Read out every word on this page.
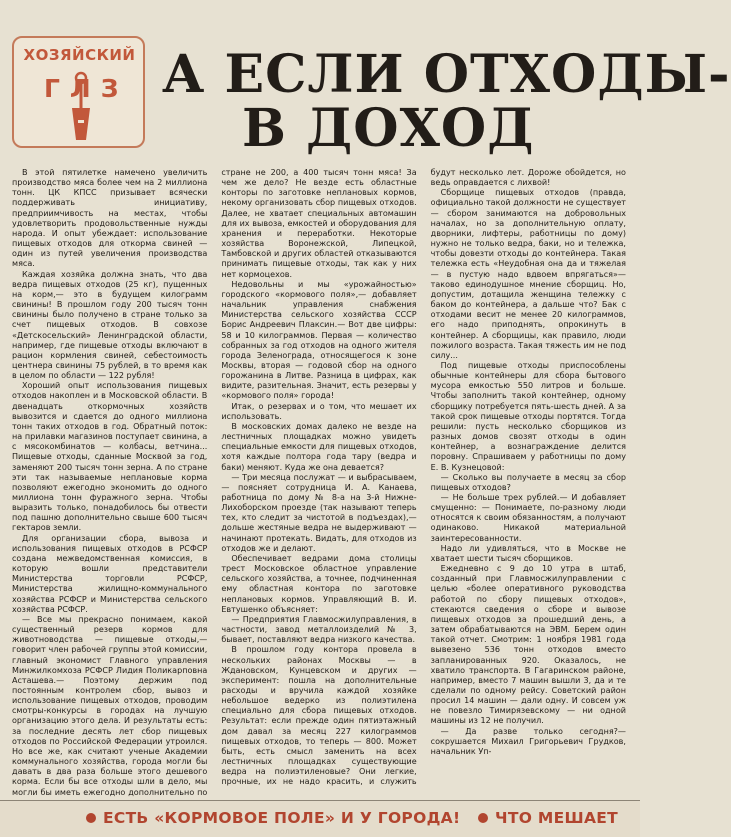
ХОЗЯЙСКИЙ
ГЛЗ А ЕСЛИ ОТХОДЫ-
В ДОХОД

В этой пятилетке намечено увеличить производство мяса более чем на 2 миллиона тонн. ЦК КПСС призывает всячески поддерживать инициативу, предприимчивость на местах, чтобы удовлетворить продовольственные нужды народа. И опыт убеждает: использование пищевых отходов для откорма свиней — один из путей увеличения производства мяса.

Каждая хозяйка должна знать, что два ведра пищевых отходов (25 кг), пущенных на корм,— это в будущем килограмм свинины! В прошлом году 200 тысяч тонн свинины было получено в стране только за счет пищевых отходов. В совхозе «Детскосельский» Ленинградской области, например, где пищевые отходы включают в рацион кормления свиней, себестоимость центнера свинины 75 рублей, в то время как в целом по области — 122 рубля!

Хороший опыт использования пищевых отходов накоплен и в Московской области. В двенадцать откормочных хозяйств вывозится и сдается до одного миллиона тонн таких отходов в год. Обратный поток: на прилавки магазинов поступает свинина, а с мясокомбинатов — колбасы, ветчина... Пищевые отходы, сданные Москвой за год, заменяют 200 тысяч тонн зерна. А по стране эти так называемые неплановые корма позволяют ежегодно экономить до одного миллиона тонн фуражного зерна. Чтобы выразить только, понадобилось бы отвести под пашню дополнительно свыше 600 тысяч гектаров земли.

Для организации сбора, вывоза и использования пищевых отходов в РСФСР создана межведомственная комиссия, в которую вошли представители Министерства торговли РСФСР, Министерства жилищно-коммунального хозяйства РСФСР и Министерства сельского хозяйства РСФСР.

— Все мы прекрасно понимаем, какой существенный резерв кормов для животноводства — пищевые отходы,— говорит член рабочей группы этой комиссии, главный экономист Главного управления Минжилкомхоза РСФСР Лидия Поликарповна Асташева.— Поэтому держим под постоянным контролем сбор, вывоз и использование пищевых отходов, проводим смотры-конкурсы в городах на лучшую организацию этого дела. И результаты есть: за последние десять лет сбор пищевых отходов по Российской Федерации утроился. Но все же, как считают ученые Академии коммунального хозяйства, города могли бы давать в два раза больше этого дешевого корма. Если бы все отходы шли в дело, мы могли бы иметь ежегодно дополнительно по стране не 200, а 400 тысяч тонн мяса! За чем же дело? Не везде есть областные конторы по заготовке неплановых кормов, некому организовать сбор пищевых отходов. Далее, не хватает специальных автомашин для их вывоза, емкостей и оборудования для хранения и переработки. Некоторые хозяйства Воронежской, Липецкой, Тамбовской и других областей отказываются принимать пищевые отходы, так как у них нет кормоцехов.

Недовольны и мы «урожайностью» городского «кормового поля»,— добавляет начальник управления снабжения Министерства сельского хозяйства СССР Борис Андреевич Плаксин.— Вот две цифры: 58 и 10 килограммов. Первая — количество собранных за год отходов на одного жителя города Зеленограда, относящегося к зоне Москвы, вторая — годовой сбор на одного горожанина в Литве. Разница в цифрах, как видите, разительная. Значит, есть резервы у «кормового поля» города!

Итак, о резервах и о том, что мешает их использовать.

В московских домах далеко не везде на лестничных площадках можно увидеть специальные емкости для пищевых отходов, хотя каждые полтора года тару (ведра и баки) меняют. Куда же она девается?

— Три месяца послужат — и выбрасываем,— поясняет сотрудница И. А. Канаева, работница по дому № 8-а на 3-й Нижне-Лихоборском проезде (так называют теперь тех, кто следит за чистотой в подъездах),— дольше жестяные ведра не выдерживают — начинают протекать. Видать, для отходов из отходов же и делают.

Обеспечивает ведрами дома столицы трест Московское областное управление сельского хозяйства, а точнее, подчиненная ему областная контора по заготовке неплановых кормов. Управляющий В. И. Евтушенко объясняет:

— Предприятия Главмосжилуправления, в частности, завод металлоизделий № 3, бывает, поставляют ведра низкого качества.

В прошлом году контора провела в нескольких районах Москвы — в Ждановском, Кунцевском и других — эксперимент: пошла на дополнительные расходы и вручила каждой хозяйке небольшое ведерко из полиэтилена специально для сбора пищевых отходов. Результат: если прежде один пятиэтажный дом давал за месяц 227 килограммов пищевых отходов, то теперь — 800. Может быть, есть смысл заменить на всех лестничных площадках существующие ведра на полиэтиленовые? Они легкие, прочные, их не надо красить, и служить будут несколько лет. Дороже обойдется, но ведь оправдается с лихвой!

Сборщице пищевых отходов (правда, официально такой должности не существует — сбором занимаются на добровольных началах, но за дополнительную оплату, дворники, лифтеры, работницы по дому) нужно не только ведра, баки, но и тележка, чтобы довезти отходы до контейнера. Такая тележка есть «Неудобная она да и тяжелая — в пустую надо вдвоем впрягаться»— таково единодушное мнение сборщиц. Но, допустим, дотащила женщина тележку с баком до контейнера, а дальше что? Бак с отходами весит не менее 20 килограммов, его надо приподнять, опрокинуть в контейнер. А сборщицы, как правило, люди пожилого возраста. Такая тяжесть им не под силу...

Под пищевые отходы приспособлены обычные контейнеры для сбора бытового мусора емкостью 550 литров и больше. Чтобы заполнить такой контейнер, одному сборщику потребуется пять-шесть дней. А за такой срок пищевые отходы портятся. Тогда решили: пусть несколько сборщиков из разных домов свозят отходы в один контейнер, а вознаграждение делится поровну. Спрашиваем у работницы по дому Е. В. Кузнецовой:

— Сколько вы получаете в месяц за сбор пищевых отходов?

— Не больше трех рублей.— И добавляет смущенно: — Понимаете, по-разному люди относятся к своим обязанностям, а получают одинаково. Никакой материальной заинтересованности.

Надо ли удивляться, что в Москве не хватает шести тысяч сборщиков.

Ежедневно с 9 до 10 утра в штаб, созданный при Главмосжилуправлении с целью «более оперативного руководства работой по сбору пищевых отходов», стекаются сведения о сборе и вывозе пищевых отходов за прошедший день, а затем обрабатываются на ЭВМ. Берем один такой отчет. Смотрим: 1 ноября 1981 года вывезено 536 тонн отходов вместо запланированных 920. Оказалось, не хватило транспорта. В Гагаринском районе, например, вместо 7 машин вышли 3, да и те сделали по одному рейсу. Советский район просил 14 машин — дали одну. И совсем уж не повезло Тимирязевскому — ни одной машины из 12 не получил.

— Да разве только сегодня?— сокрушается Михаил Григорьевич Грудков, начальник Уп-

ЕСТЬ «КОРМОВОЕ ПОЛЕ» И У ГОРОДА! ЧТО МЕШАЕТ
